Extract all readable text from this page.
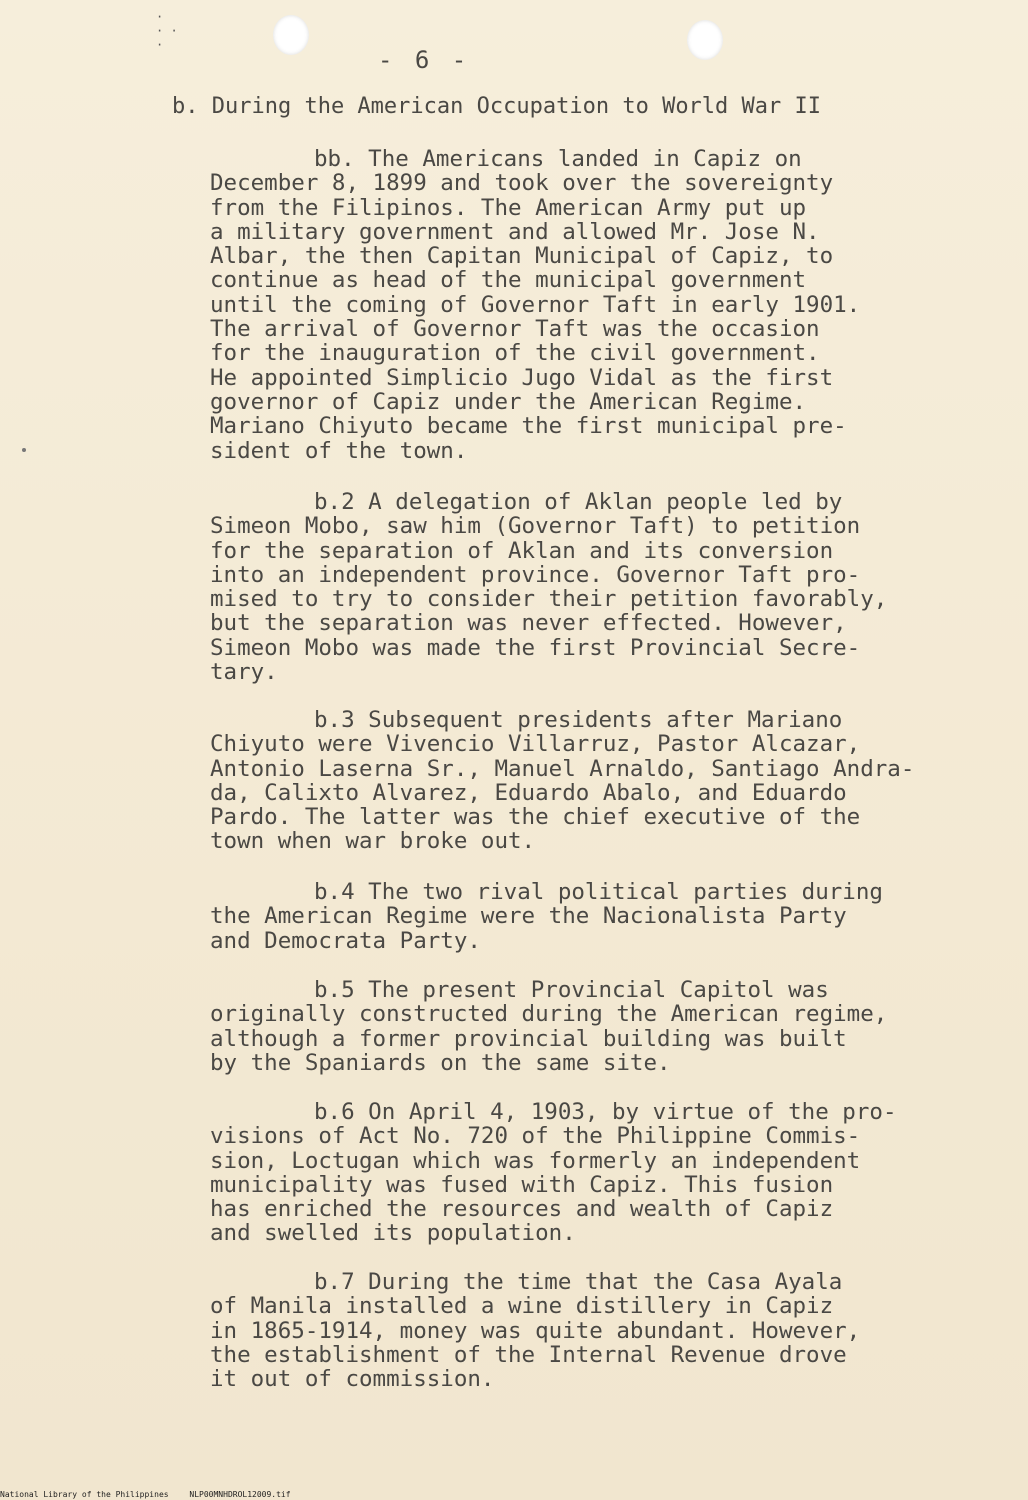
·
· ·
·
- 6 -
b. During the American Occupation to World War II
bb. The Americans landed in Capiz on
December 8, 1899 and took over the sovereignty
from the Filipinos. The American Army put up
a military government and allowed Mr. Jose N.
Albar, the then Capitan Municipal of Capiz, to
continue as head of the municipal government
until the coming of Governor Taft in early 1901.
The arrival of Governor Taft was the occasion
for the inauguration of the civil government.
He appointed Simplicio Jugo Vidal as the first
governor of Capiz under the American Regime.
Mariano Chiyuto became the first municipal pre-
sident of the town.
b.2 A delegation of Aklan people led by
Simeon Mobo, saw him (Governor Taft) to petition
for the separation of Aklan and its conversion
into an independent province. Governor Taft pro-
mised to try to consider their petition favorably,
but the separation was never effected. However,
Simeon Mobo was made the first Provincial Secre-
tary.
b.3 Subsequent presidents after Mariano
Chiyuto were Vivencio Villarruz, Pastor Alcazar,
Antonio Laserna Sr., Manuel Arnaldo, Santiago Andra-
da, Calixto Alvarez, Eduardo Abalo, and Eduardo
Pardo. The latter was the chief executive of the
town when war broke out.
b.4 The two rival political parties during
the American Regime were the Nacionalista Party
and Democrata Party.
b.5 The present Provincial Capitol was
originally constructed during the American regime,
although a former provincial building was built
by the Spaniards on the same site.
b.6 On April 4, 1903, by virtue of the pro-
visions of Act No. 720 of the Philippine Commis-
sion, Loctugan which was formerly an independent
municipality was fused with Capiz. This fusion
has enriched the resources and wealth of Capiz
and swelled its population.
b.7 During the time that the Casa Ayala
of Manila installed a wine distillery in Capiz
in 1865-1914, money was quite abundant. However,
the establishment of the Internal Revenue drove
it out of commission.
National Library of the Philippines	NLP00MNHDROL12009.tif
